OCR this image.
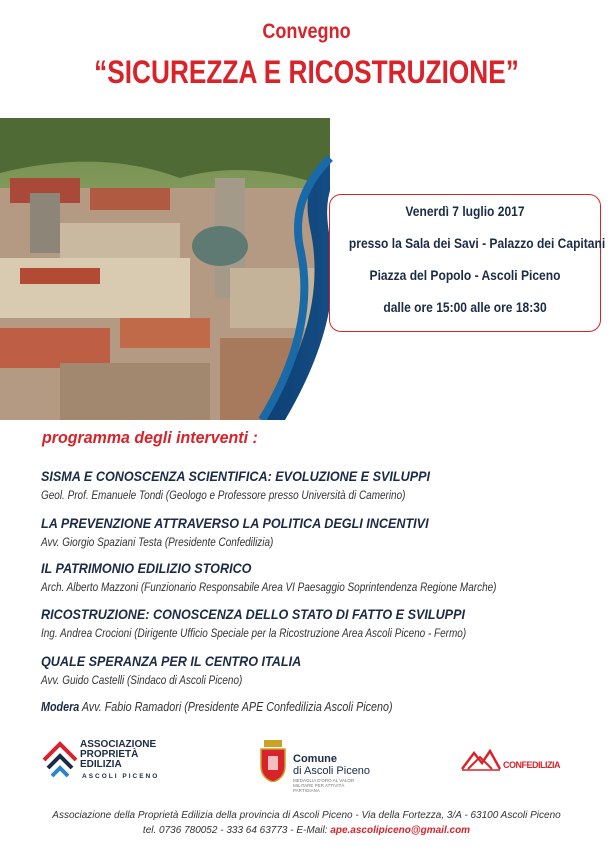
Convegno
“SICUREZZA E RICOSTRUZIONE”
Venerdì 7 luglio 2017
presso la Sala dei Savi - Palazzo dei Capitani
Piazza del Popolo - Ascoli Piceno
dalle ore 15:00 alle ore 18:30
programma degli interventi :
SISMA E CONOSCENZA SCIENTIFICA: EVOLUZIONE E SVILUPPI
Geol. Prof. Emanuele Tondi (Geologo e Professore presso Università di Camerino)
LA PREVENZIONE ATTRAVERSO LA POLITICA DEGLI INCENTIVI
Avv. Giorgio Spaziani Testa (Presidente Confedilizia)
IL PATRIMONIO EDILIZIO STORICO
Arch. Alberto Mazzoni (Funzionario Responsabile Area VI Paesaggio Soprintendenza Regione Marche)
RICOSTRUZIONE: CONOSCENZA DELLO STATO DI FATTO E SVILUPPI
Ing. Andrea Crocioni (Dirigente Ufficio Speciale per la Ricostruzione Area Ascoli Piceno - Fermo)
QUALE SPERANZA PER IL CENTRO ITALIA
Avv. Guido Castelli (Sindaco di Ascoli Piceno)
Modera Avv. Fabio Ramadori (Presidente APE Confedilizia Ascoli Piceno)
ASSOCIAZIONE
PROPRIETÀ
EDILIZIA
ASCOLI PICENO
Comune
di Ascoli Piceno
MEDAGLIA D'ORO AL VALOR MILITARE PER ATTIVITÀ PARTIGIANA
CONFEDILIZIA
Associazione della Proprietà Edilizia della provincia di Ascoli Piceno - Via della Fortezza, 3/A - 63100 Ascoli Piceno
tel. 0736 780052 - 333 64 63773 - E-Mail: ape.ascolipiceno@gmail.com
